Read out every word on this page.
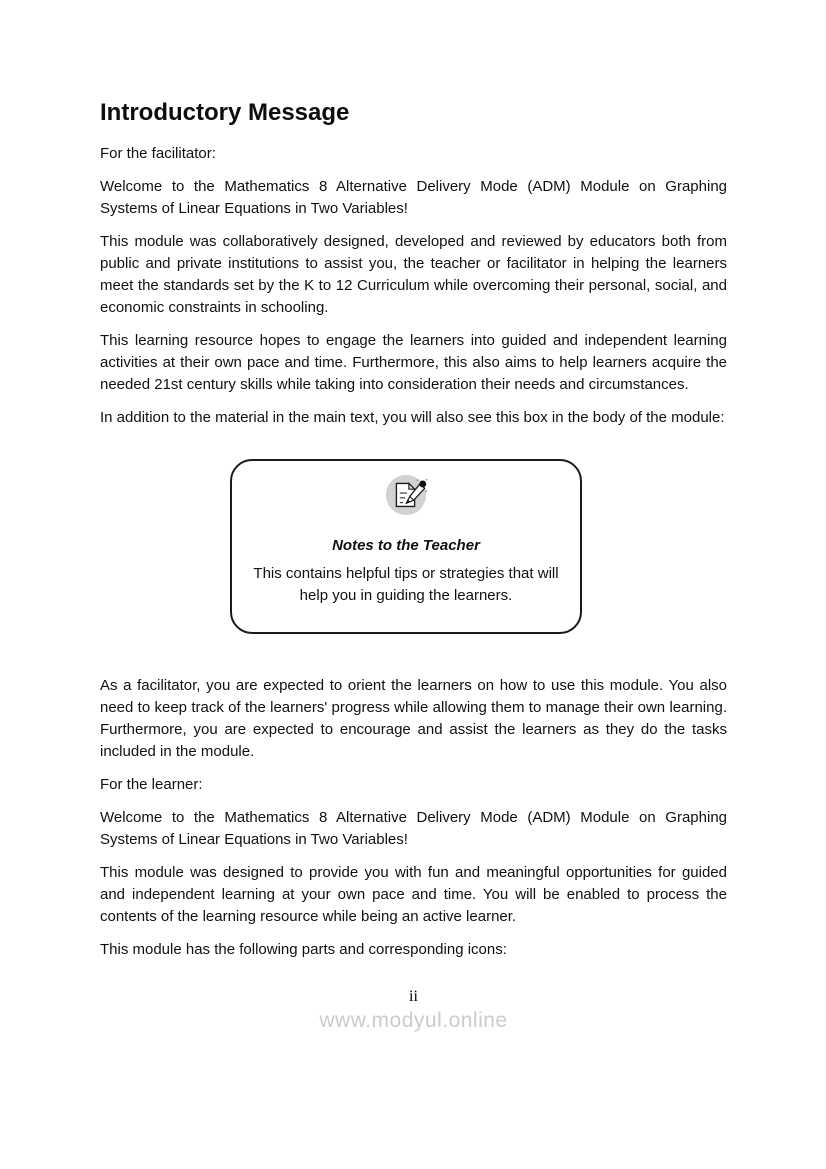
Introductory Message

For the facilitator:

Welcome to the Mathematics 8 Alternative Delivery Mode (ADM) Module on Graphing Systems of Linear Equations in Two Variables!

This module was collaboratively designed, developed and reviewed by educators both from public and private institutions to assist you, the teacher or facilitator in helping the learners meet the standards set by the K to 12 Curriculum while overcoming their personal, social, and economic constraints in schooling.

This learning resource hopes to engage the learners into guided and independent learning activities at their own pace and time. Furthermore, this also aims to help learners acquire the needed 21st century skills while taking into consideration their needs and circumstances.

In addition to the material in the main text, you will also see this box in the body of the module:

Notes to the Teacher
This contains helpful tips or strategies that will help you in guiding the learners.

As a facilitator, you are expected to orient the learners on how to use this module. You also need to keep track of the learners' progress while allowing them to manage their own learning. Furthermore, you are expected to encourage and assist the learners as they do the tasks included in the module.

For the learner:

Welcome to the Mathematics 8 Alternative Delivery Mode (ADM) Module on Graphing Systems of Linear Equations in Two Variables!

This module was designed to provide you with fun and meaningful opportunities for guided and independent learning at your own pace and time. You will be enabled to process the contents of the learning resource while being an active learner.

This module has the following parts and corresponding icons:

ii
www.modyul.online
